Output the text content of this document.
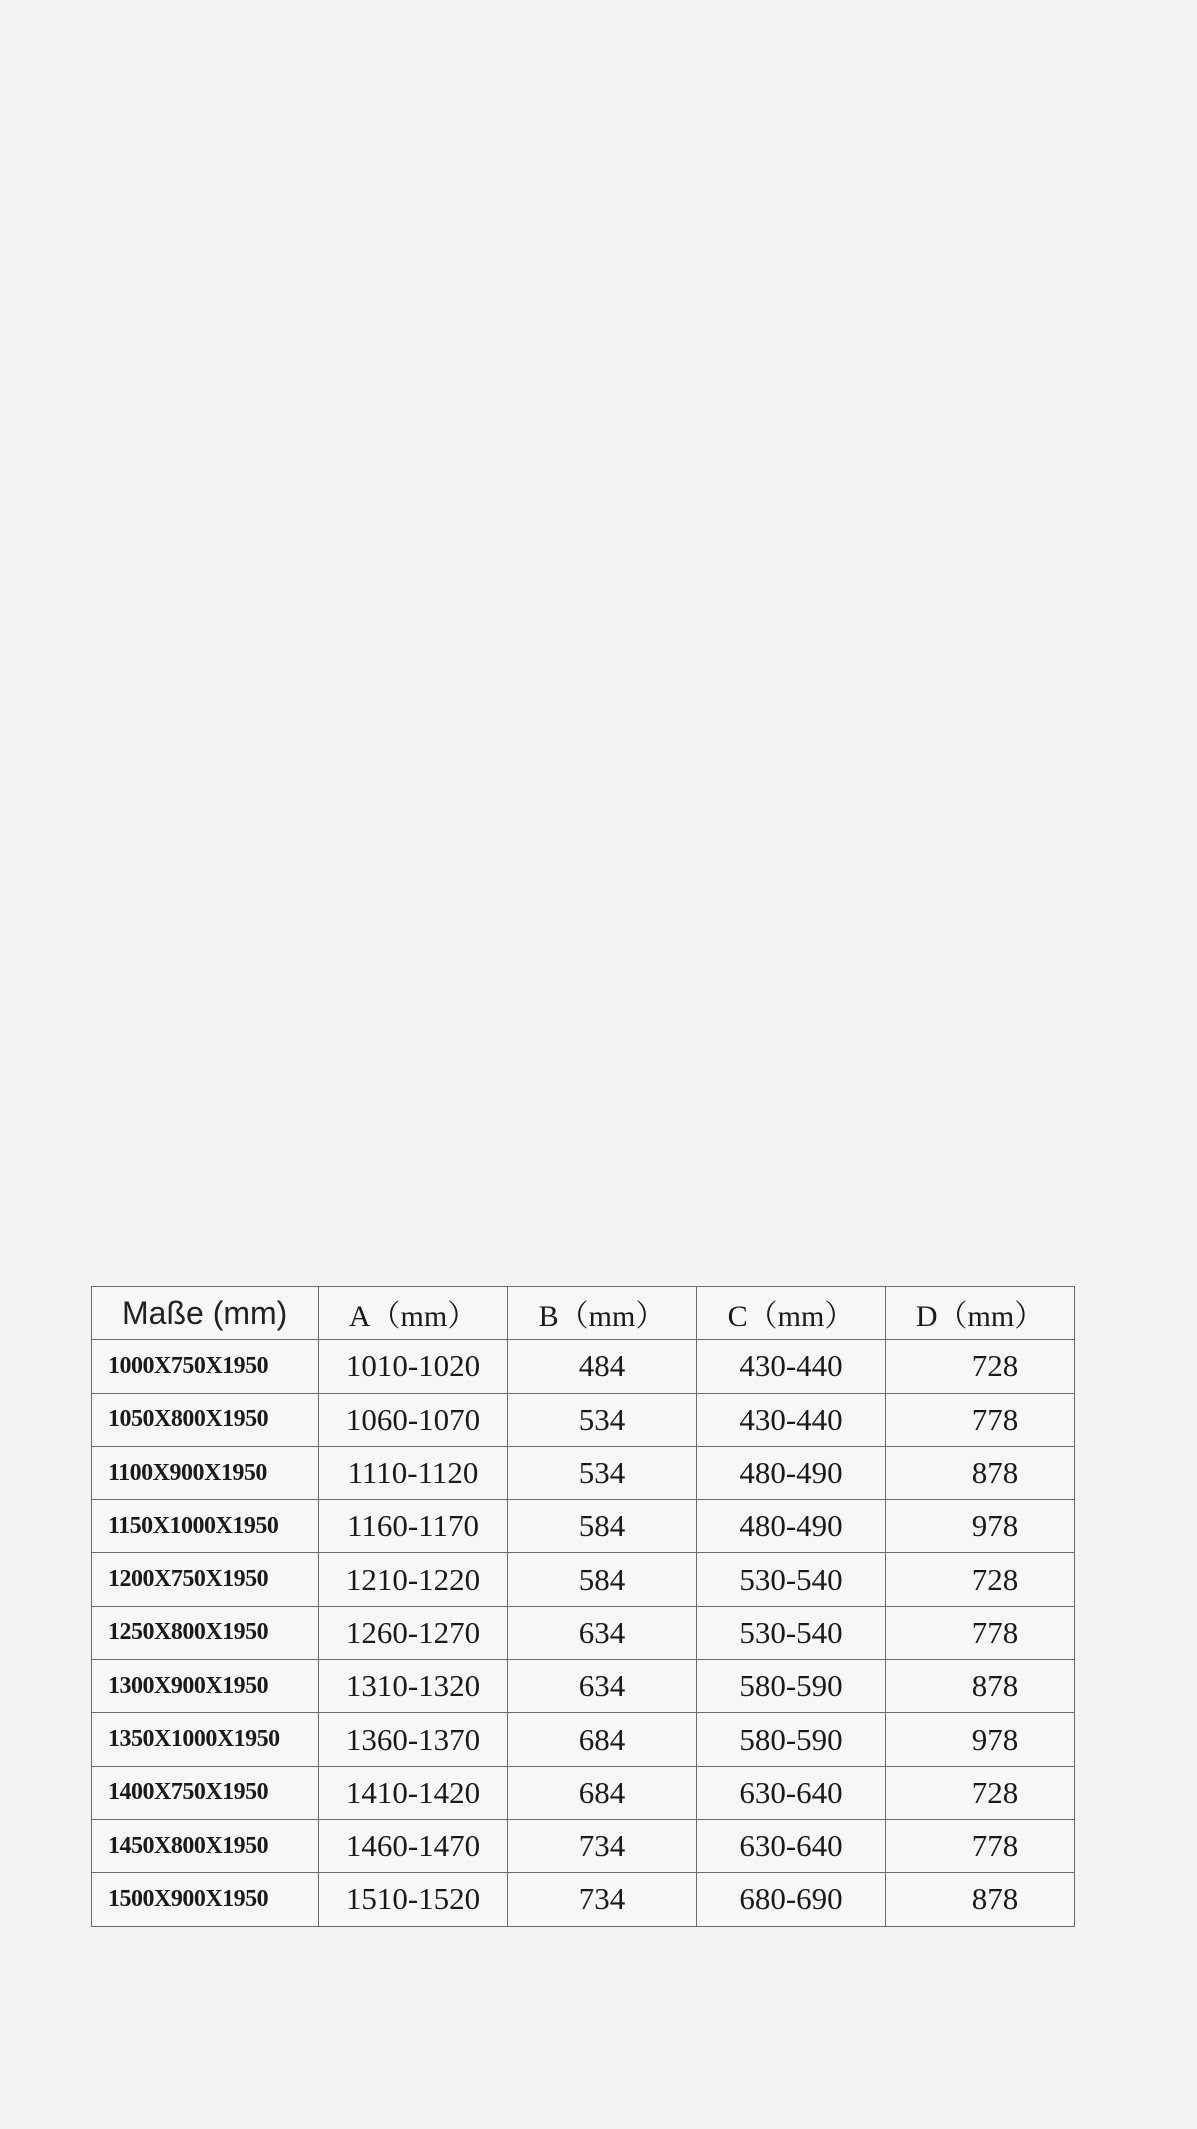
Maße (mm)	A（mm）	B（mm）	C（mm）	D（mm）
1000X750X1950	1010-1020	484	430-440	728
1050X800X1950	1060-1070	534	430-440	778
1100X900X1950	1110-1120	534	480-490	878
1150X1000X1950	1160-1170	584	480-490	978
1200X750X1950	1210-1220	584	530-540	728
1250X800X1950	1260-1270	634	530-540	778
1300X900X1950	1310-1320	634	580-590	878
1350X1000X1950	1360-1370	684	580-590	978
1400X750X1950	1410-1420	684	630-640	728
1450X800X1950	1460-1470	734	630-640	778
1500X900X1950	1510-1520	734	680-690	878
